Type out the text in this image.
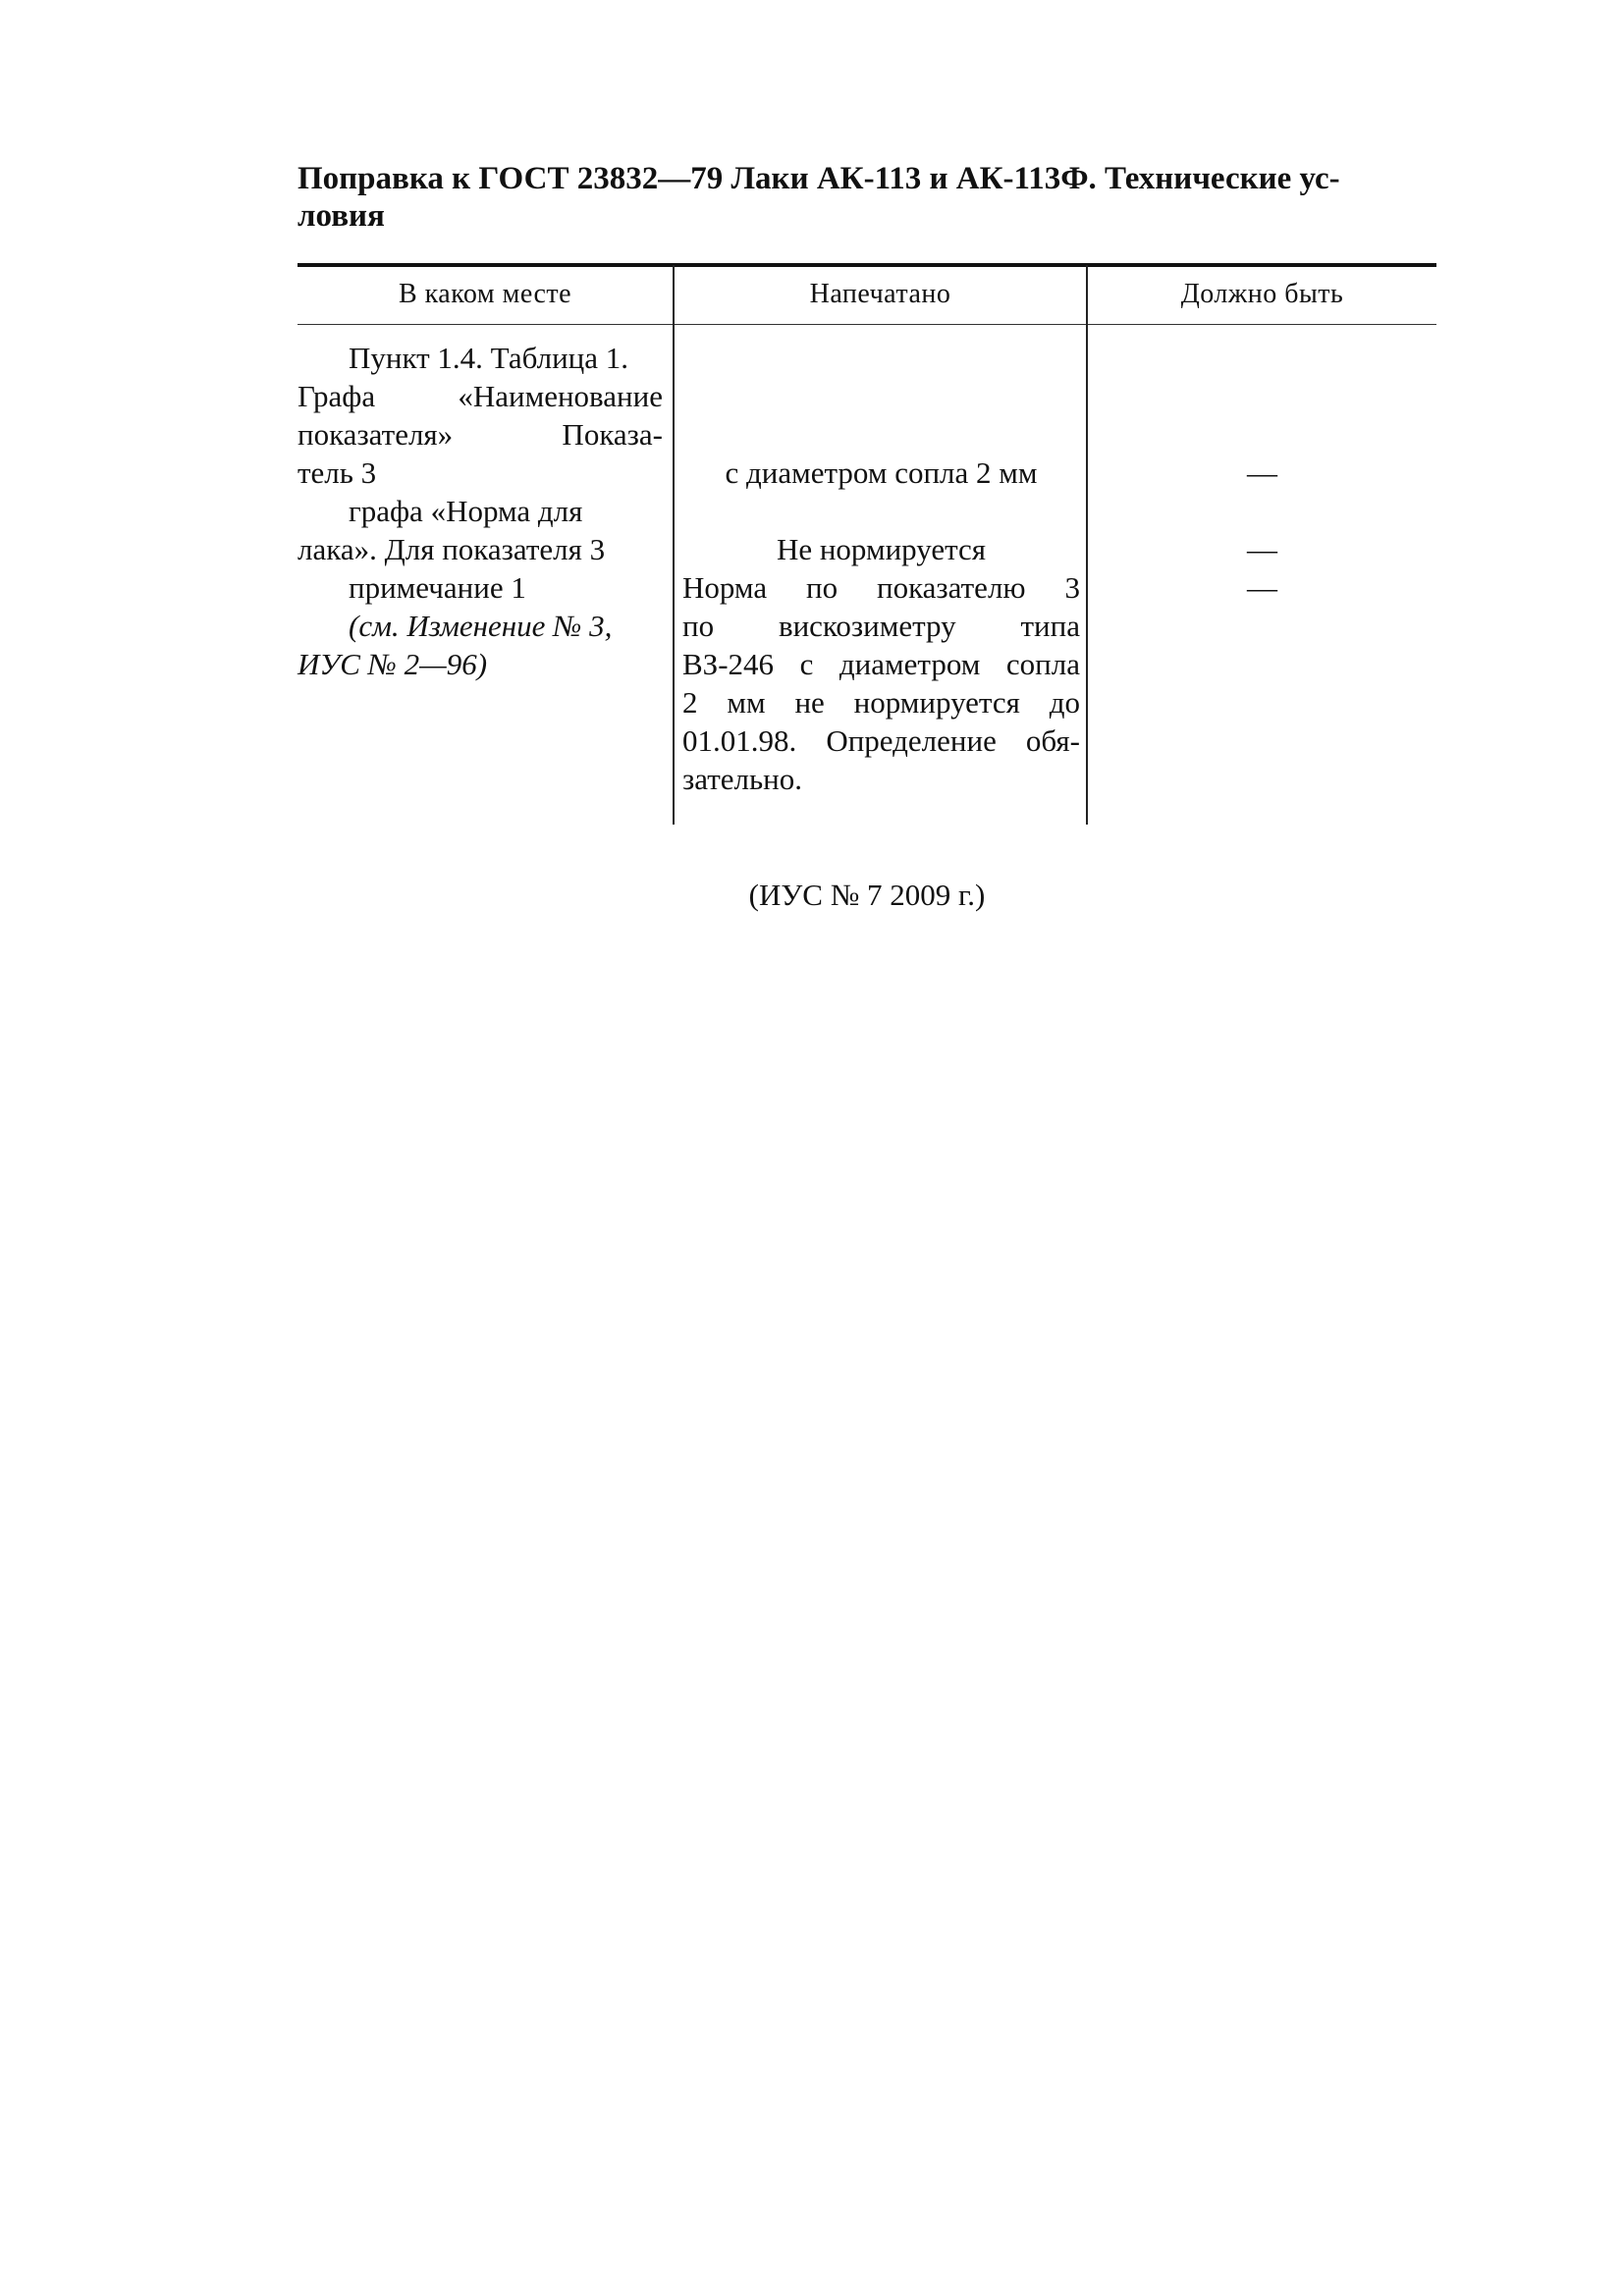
Поправка к ГОСТ 23832—79 Лаки АК-113 и АК-113Ф. Технические ус-
ловия
В каком месте	Напечатано	Должно быть
Пункт 1.4. Таблица 1.
Графа «Наименование
показателя» Показа-
тель 3
графа «Норма для
лака». Для показателя 3
примечание 1
(см. Изменение № 3,
ИУС № 2—96)
с диаметром сопла 2 мм
Не нормируется
Норма по показателю 3
по вискозиметру типа
ВЗ-246 с диаметром сопла
2 мм не нормируется до
01.01.98. Определение обя-
зательно.
—
—
—

(ИУС № 7 2009 г.)
